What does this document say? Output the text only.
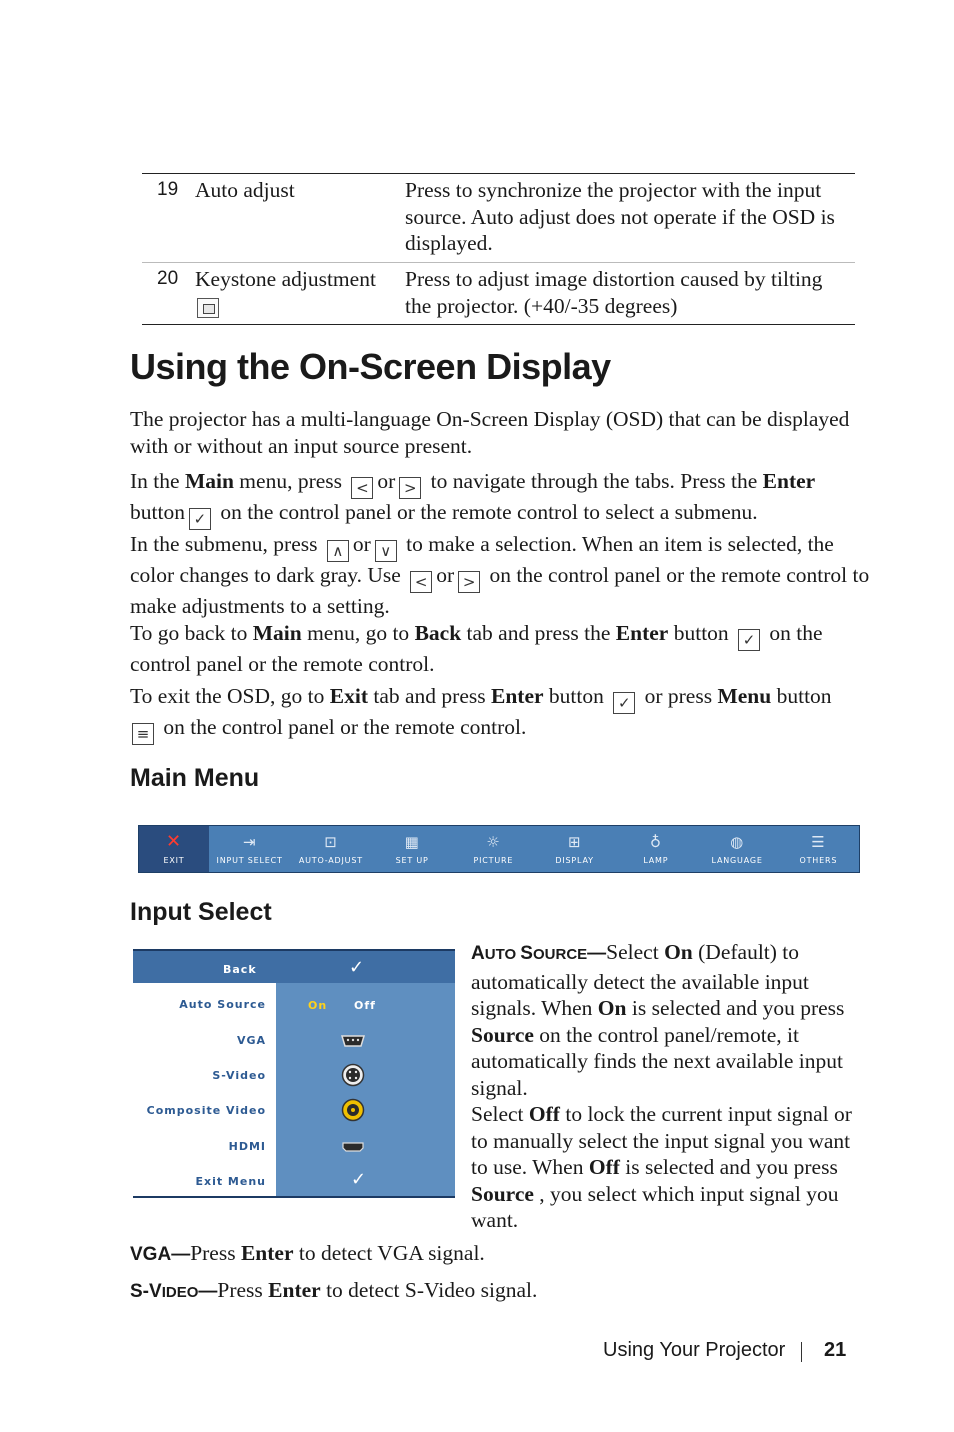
19 Auto adjust	Press to synchronize the projector with the input source. Auto adjust does not operate if the OSD is displayed.
20 Keystone adjustment Press to adjust image distortion caused by tilting the projector. (+40/-35 degrees)
Using the On-Screen Display
The projector has a multi-language On-Screen Display (OSD) that can be displayed with or without an input source present.
In the Main menu, press < or > to navigate through the tabs. Press the Enter
button ✓ on the control panel or the remote control to select a submenu.
In the submenu, press ∧ or ∨ to make a selection. When an item is selected, the color changes to dark gray. Use < or > on the control panel or the remote control to make adjustments to a setting.
To go back to Main menu, go to Back tab and press the Enter button ✓ on the control panel or the remote control.
To exit the OSD, go to Exit tab and press Enter button ✓ or press Menu button
≡ on the control panel or the remote control.
Main Menu
✕
EXIT
⇥
INPUT SELECT
⊡
AUTO-ADJUST
▦
SET UP
☼
PICTURE
⊞
DISPLAY
♁
LAMP
◍
LANGUAGE
☰
OTHERS
Input Select
Back	✓
Auto Source	On Off
VGA
S-Video
Composite Video
HDMI
Exit Menu	✓
AUTO SOURCE—Select On (Default) to automatically detect the available input signals. When On is selected and you press Source on the control panel/remote, it automatically finds the next available input signal.
Select Off to lock the current input signal or to manually select the input signal you want to use. When Off is selected and you press Source , you select which input signal you want.
VGA—Press Enter to detect VGA signal.
S-VIDEO—Press Enter to detect S-Video signal.
Using Your Projector 21
